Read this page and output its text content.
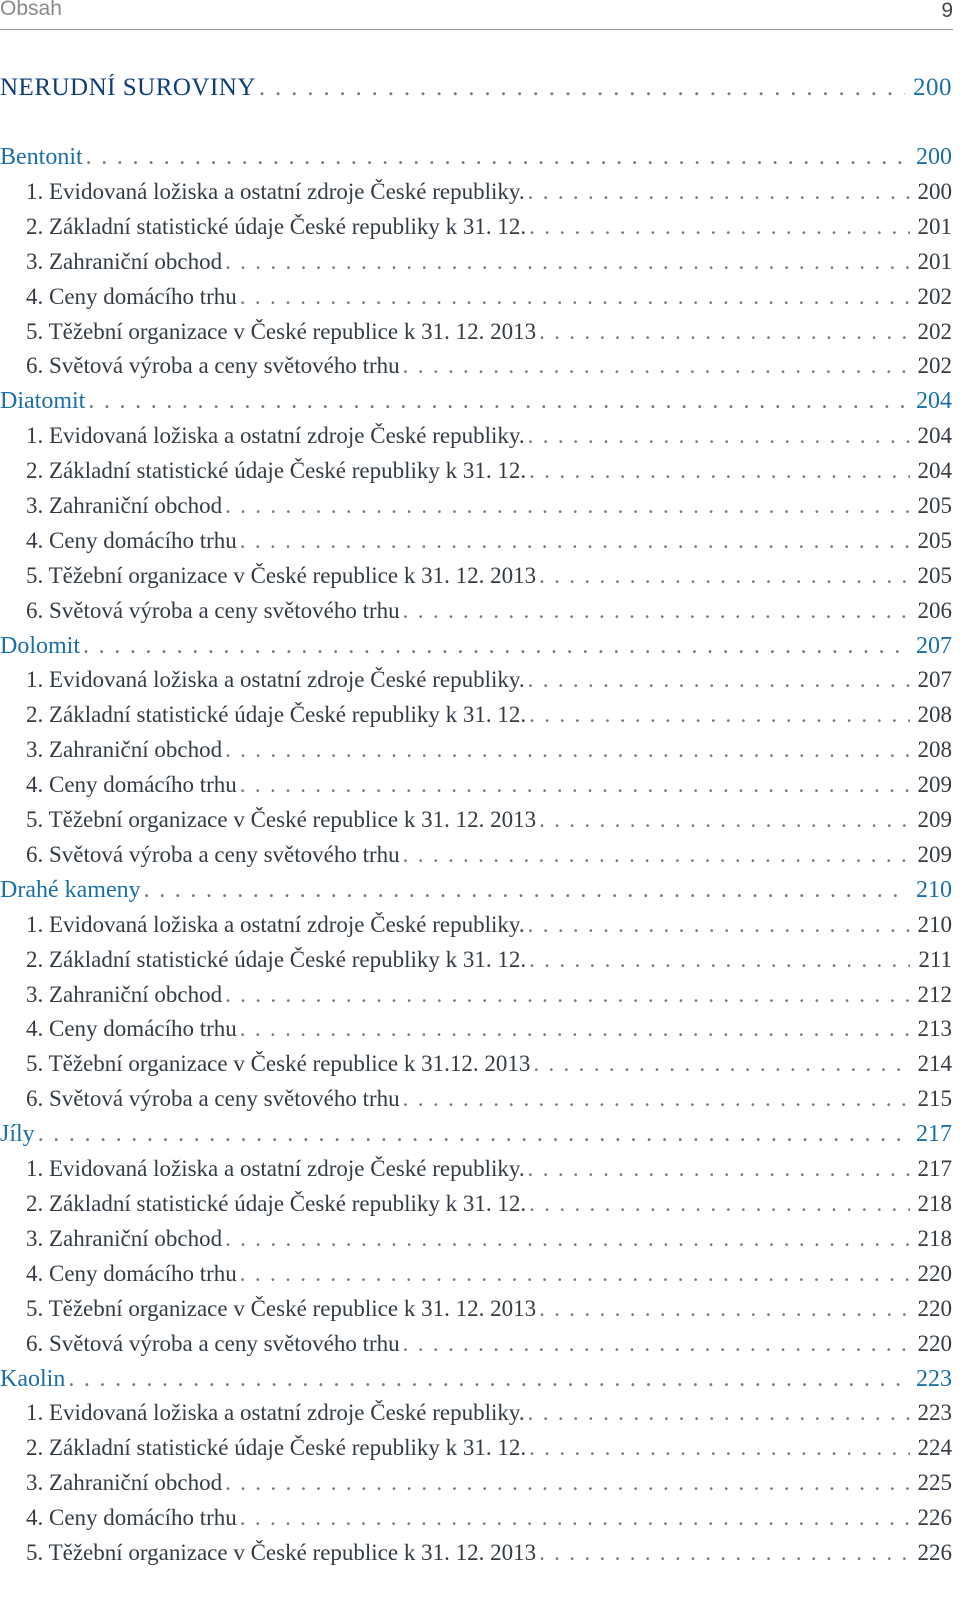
Obsah	9
NERUDNÍ SUROVINY . . .	200
Bentonit . . .	200
1. Evidovaná ložiska a ostatní zdroje České republiky. . . .	200
2. Základní statistické údaje České republiky k 31. 12. . . .	201
3. Zahraniční obchod . . .	201
4. Ceny domácího trhu . . .	202
5. Těžební organizace v České republice k 31. 12. 2013 . . .	202
6. Světová výroba a ceny světového trhu . . .	202
Diatomit . . .	204
1. Evidovaná ložiska a ostatní zdroje České republiky. . . .	204
2. Základní statistické údaje České republiky k 31. 12. . . .	204
3. Zahraniční obchod . . .	205
4. Ceny domácího trhu . . .	205
5. Těžební organizace v České republice k 31. 12. 2013 . . .	205
6. Světová výroba a ceny světového trhu . . .	206
Dolomit . . .	207
1. Evidovaná ložiska a ostatní zdroje České republiky. . . .	207
2. Základní statistické údaje České republiky k 31. 12. . . .	208
3. Zahraniční obchod . . .	208
4. Ceny domácího trhu . . .	209
5. Těžební organizace v České republice k 31. 12. 2013 . . .	209
6. Světová výroba a ceny světového trhu . . .	209
Drahé kameny . . .	210
1. Evidovaná ložiska a ostatní zdroje České republiky. . . .	210
2. Základní statistické údaje České republiky k 31. 12. . . .	211
3. Zahraniční obchod . . .	212
4. Ceny domácího trhu . . .	213
5. Těžební organizace v České republice k 31.12. 2013 . . .	214
6. Světová výroba a ceny světového trhu . . .	215
Jíly . . .	217
1. Evidovaná ložiska a ostatní zdroje České republiky. . . .	217
2. Základní statistické údaje České republiky k 31. 12. . . .	218
3. Zahraniční obchod . . .	218
4. Ceny domácího trhu . . .	220
5. Těžební organizace v České republice k 31. 12. 2013 . . .	220
6. Světová výroba a ceny světového trhu . . .	220
Kaolin . . .	223
1. Evidovaná ložiska a ostatní zdroje České republiky. . . .	223
2. Základní statistické údaje České republiky k 31. 12. . . .	224
3. Zahraniční obchod . . .	225
4. Ceny domácího trhu . . .	226
5. Těžební organizace v České republice k 31. 12. 2013 . . .	226
